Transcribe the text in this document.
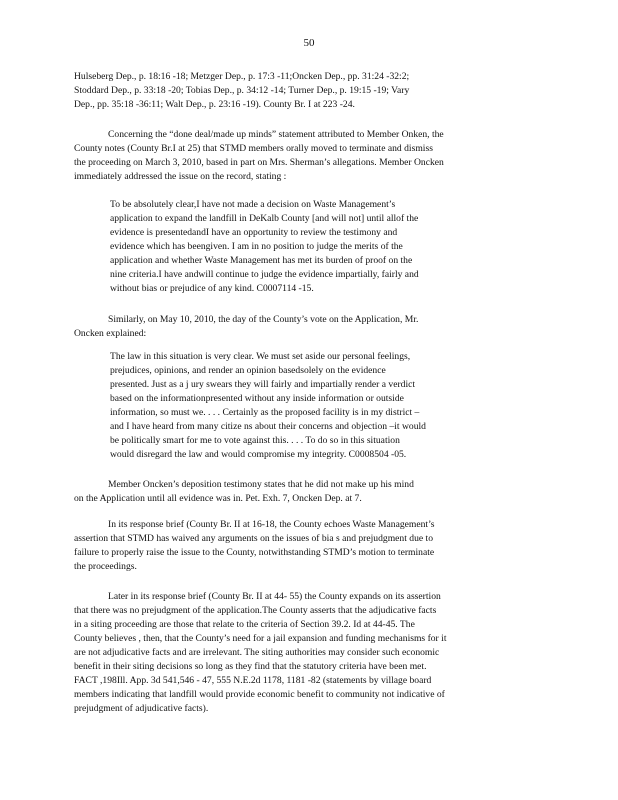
50
Hulseberg Dep., p. 18:16 -18; Metzger Dep., p. 17:3 -11;Oncken Dep., pp. 31:24 -32:2;
Stoddard Dep., p. 33:18 -20; Tobias Dep., p. 34:12 -14; Turner Dep., p. 19:15 -19; Vary
Dep., pp. 35:18 -36:11; Walt Dep., p. 23:16 -19). County Br. I at 223 -24.
Concerning the “done deal/made up minds” statement attributed to Member Onken, the
County notes (County Br.I at 25) that STMD members orally moved to terminate and dismiss
the proceeding on March 3, 2010, based in part on Mrs. Sherman’s allegations. Member Oncken
immediately addressed the issue on the record, stating :
To be absolutely clear,I have not made a decision on Waste Management’s
application to expand the landfill in DeKalb County [and will not] until allof the
evidence is presentedandI have an opportunity to review the testimony and
evidence which has beengiven. I am in no position to judge the merits of the
application and whether Waste Management has met its burden of proof on the
nine criteria.I have andwill continue to judge the evidence impartially, fairly and
without bias or prejudice of any kind. C0007114 -15.
Similarly, on May 10, 2010, the day of the County’s vote on the Application, Mr.
Oncken explained:
The law in this situation is very clear. We must set aside our personal feelings,
prejudices, opinions, and render an opinion basedsolely on the evidence
presented. Just as a j ury swears they will fairly and impartially render a verdict
based on the informationpresented without any inside information or outside
information, so must we. . . . Certainly as the proposed facility is in my district –
and I have heard from many citize ns about their concerns and objection –it would
be politically smart for me to vote against this. . . . To do so in this situation
would disregard the law and would compromise my integrity. C0008504 -05.
Member Oncken’s deposition testimony states that he did not make up his mind
on the Application until all evidence was in. Pet. Exh. 7, Oncken Dep. at 7.
In its response brief (County Br. II at 16-18, the County echoes Waste Management’s
assertion that STMD has waived any arguments on the issues of bia s and prejudgment due to
failure to properly raise the issue to the County, notwithstanding STMD’s motion to terminate
the proceedings.
Later in its response brief (County Br. II at 44- 55) the County expands on its assertion
that there was no prejudgment of the application.The County asserts that the adjudicative facts
in a siting proceeding are those that relate to the criteria of Section 39.2. Id at 44-45. The
County believes , then, that the County’s need for a jail expansion and funding mechanisms for it
are not adjudicative facts and are irrelevant. The siting authorities may consider such economic
benefit in their siting decisions so long as they find that the statutory criteria have been met.
FACT ,198Ill. App. 3d 541,546 - 47, 555 N.E.2d 1178, 1181 -82 (statements by village board
members indicating that landfill would provide economic benefit to community not indicative of
prejudgment of adjudicative facts).
